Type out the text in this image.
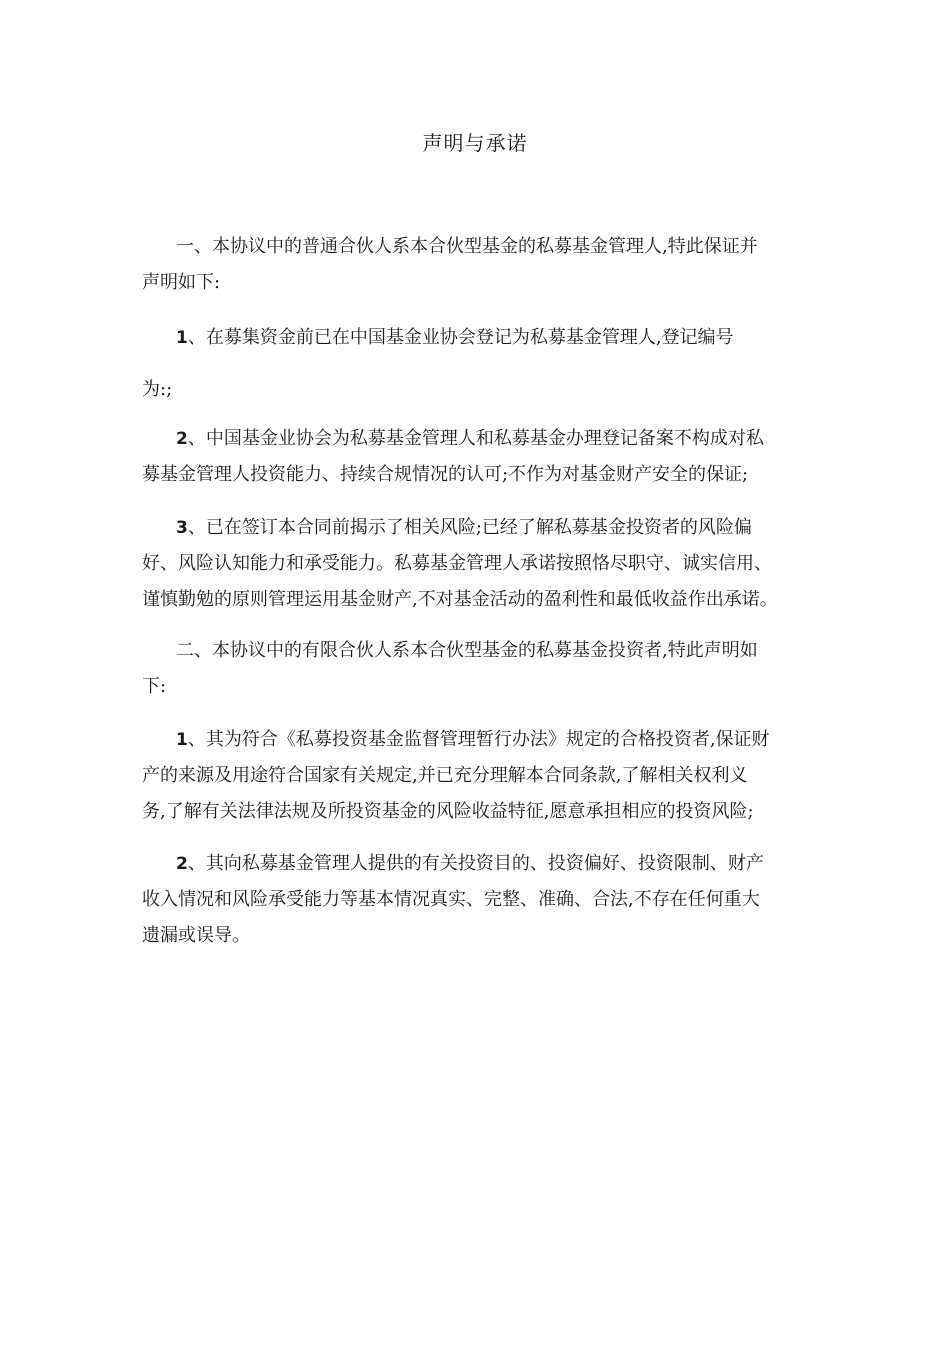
声明与承诺
一、本协议中的普通合伙人系本合伙型基金的私募基金管理人,特此保证并
声明如下:
1、在募集资金前已在中国基金业协会登记为私募基金管理人,登记编号
为:;
2、中国基金业协会为私募基金管理人和私募基金办理登记备案不构成对私
募基金管理人投资能力、持续合规情况的认可;不作为对基金财产安全的保证;
3、已在签订本合同前揭示了相关风险;已经了解私募基金投资者的风险偏
好、风险认知能力和承受能力。私募基金管理人承诺按照恪尽职守、诚实信用、
谨慎勤勉的原则管理运用基金财产,不对基金活动的盈利性和最低收益作出承诺。
二、本协议中的有限合伙人系本合伙型基金的私募基金投资者,特此声明如
下:
1、其为符合《私募投资基金监督管理暂行办法》规定的合格投资者,保证财
产的来源及用途符合国家有关规定,并已充分理解本合同条款,了解相关权利义
务,了解有关法律法规及所投资基金的风险收益特征,愿意承担相应的投资风险;
2、其向私募基金管理人提供的有关投资目的、投资偏好、投资限制、财产
收入情况和风险承受能力等基本情况真实、完整、准确、合法,不存在任何重大
遗漏或误导。
